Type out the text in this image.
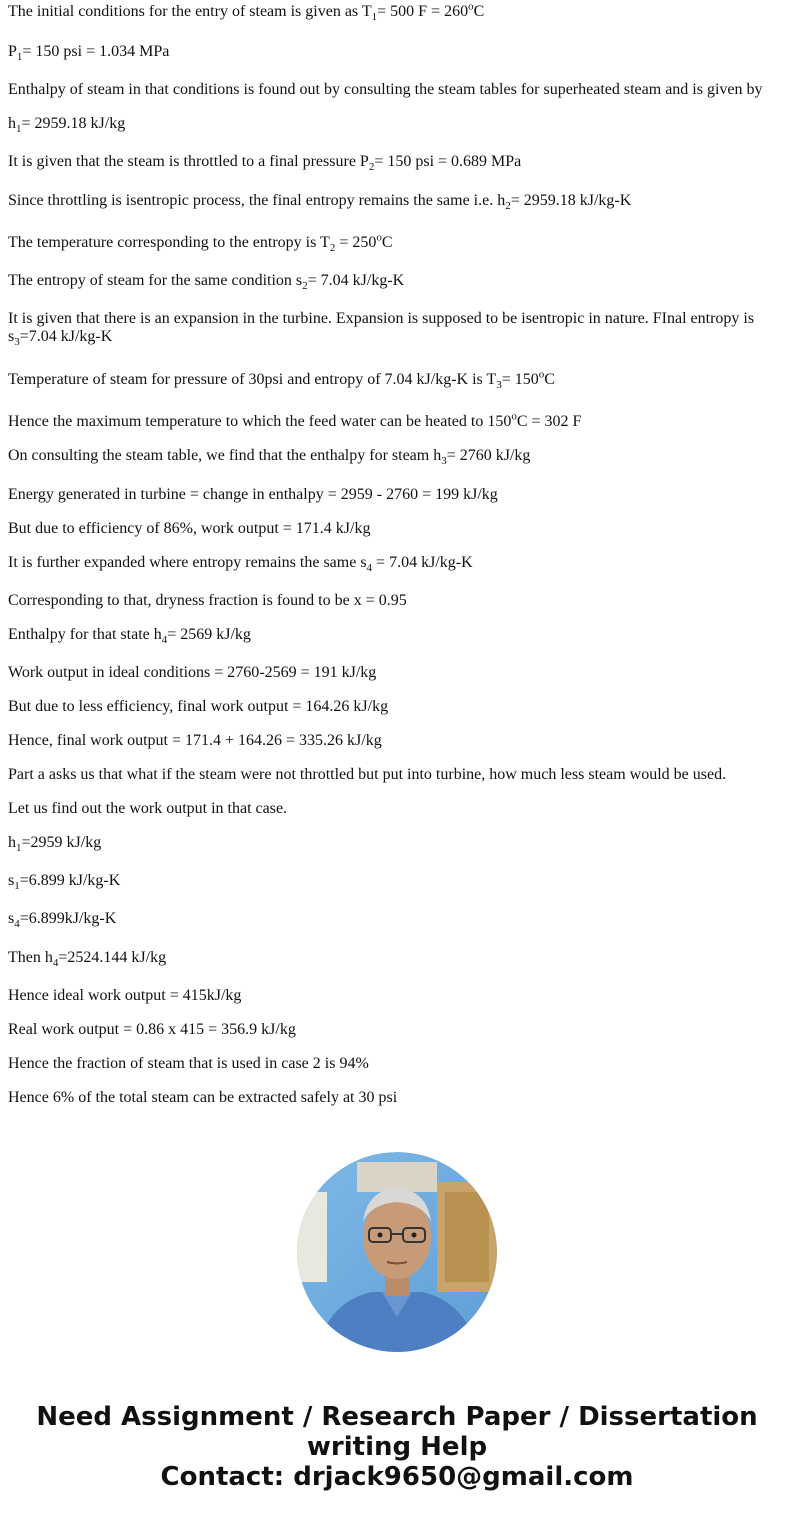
The initial conditions for the entry of steam is given as $T_1= 500$ $F = 260^oC$
$P_1= 150$ psi = 1.034 MPa
Enthalpy of steam in that conditions is found out by consulting the steam tables for superheated steam and is given by
$h_1= 2959.18$ kJ/kg
It is given that the steam is throttled to a final pressure $P_2= 150$ psi = 0.689 MPa
Since throttling is isentropic process, the final entropy remains the same i.e. $h_2= 2959.18$ kJ/kg-K
The temperature corresponding to the entropy is $T_2 = 250^oC$
The entropy of steam for the same condition $s_2= 7.04$ kJ/kg-K
It is given that there is an expansion in the turbine. Expansion is supposed to be isentropic in nature. FInal entropy is $s_3=7.04$ kJ/kg-K
Temperature of steam for pressure of 30psi and entropy of 7.04 kJ/kg-K is $T_3= 150^oC$
Hence the maximum temperature to which the feed water can be heated to $150^oC = 302$ F
On consulting the steam table, we find that the enthalpy for steam $h_3= 2760$ kJ/kg
Energy generated in turbine = change in enthalpy = 2959 - 2760 = 199 kJ/kg
But due to efficiency of 86%, work output = 171.4 kJ/kg
It is further expanded where entropy remains the same $s_4 = 7.04$ kJ/kg-K
Corresponding to that, dryness fraction is found to be x = 0.95
Enthalpy for that state $h_4= 2569$ kJ/kg
Work output in ideal conditions = 2760-2569 = 191 kJ/kg
But due to less efficiency, final work output = 164.26 kJ/kg
Hence, final work output = 171.4 + 164.26 = 335.26 kJ/kg
Part a asks us that what if the steam were not throttled but put into turbine, how much less steam would be used.
Let us find out the work output in that case.
$h_1=2959$ kJ/kg
$s_1=6.899$ kJ/kg-K
$s_4=6.899kJ/kg-K$
Then $h_4=2524.144$ kJ/kg
Hence ideal work output = 415kJ/kg
Real work output = 0.86 x 415 = 356.9 kJ/kg
Hence the fraction of steam that is used in case 2 is 94%
Hence 6% of the total steam can be extracted safely at 30 psi
Need Assignment / Research Paper / Dissertation
writing Help
Contact: drjack9650@gmail.com
